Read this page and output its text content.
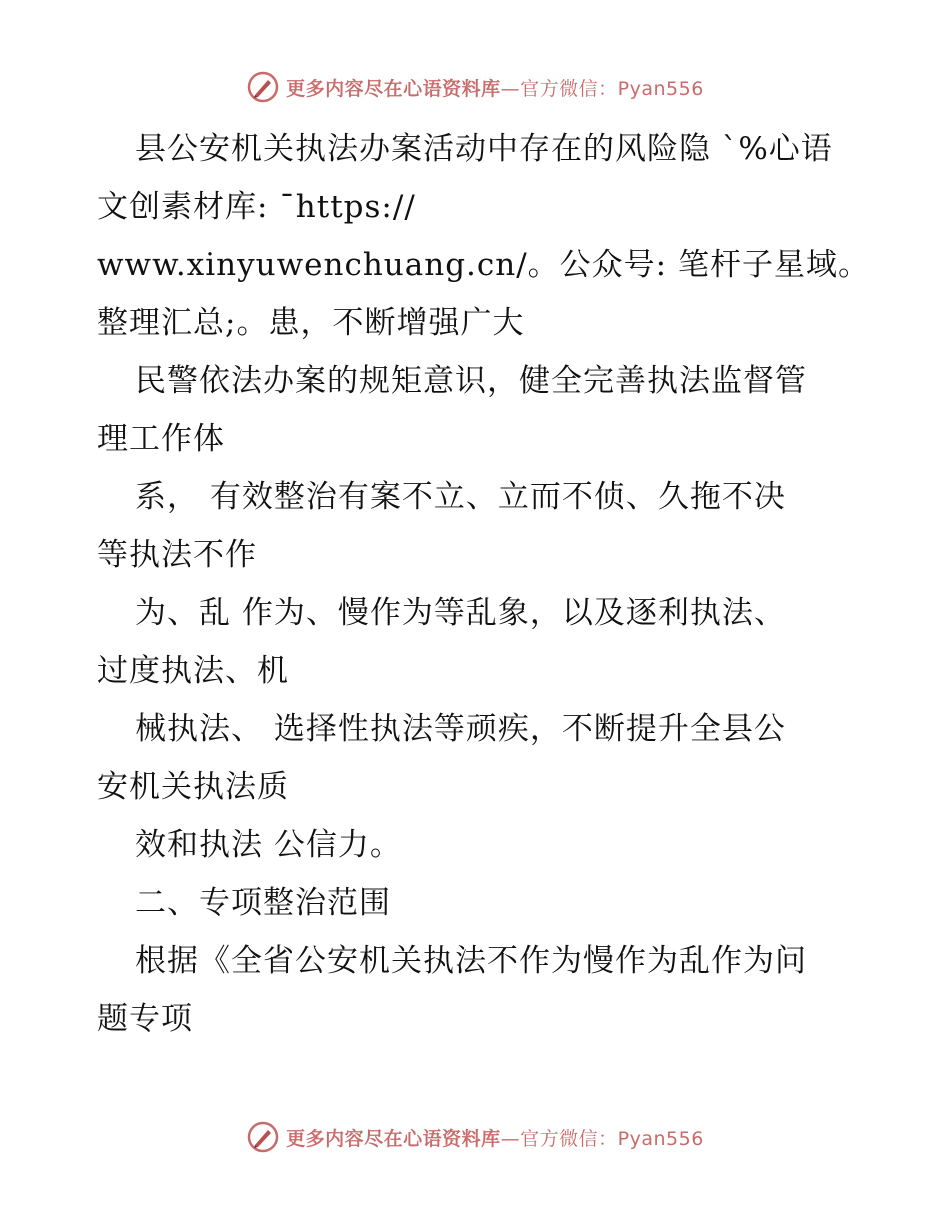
更多内容尽在心语资料库—官方微信：Pyan556
县公安机关执法办案活动中存在的风险隐 `%心语
文创素材库: ¯https://
www.xinyuwenchuang.cn/。公众号: 笔杆子星域。
整理汇总;。患，不断增强广大
民警依法办案的规矩意识，健全完善执法监督管
理工作体
系， 有效整治有案不立、立而不侦、久拖不决
等执法不作
为、乱 作为、慢作为等乱象，以及逐利执法、
过度执法、机
械执法、 选择性执法等顽疾，不断提升全县公
安机关执法质
效和执法 公信力。
二、专项整治范围
根据《全省公安机关执法不作为慢作为乱作为问
题专项
更多内容尽在心语资料库—官方微信：Pyan556
